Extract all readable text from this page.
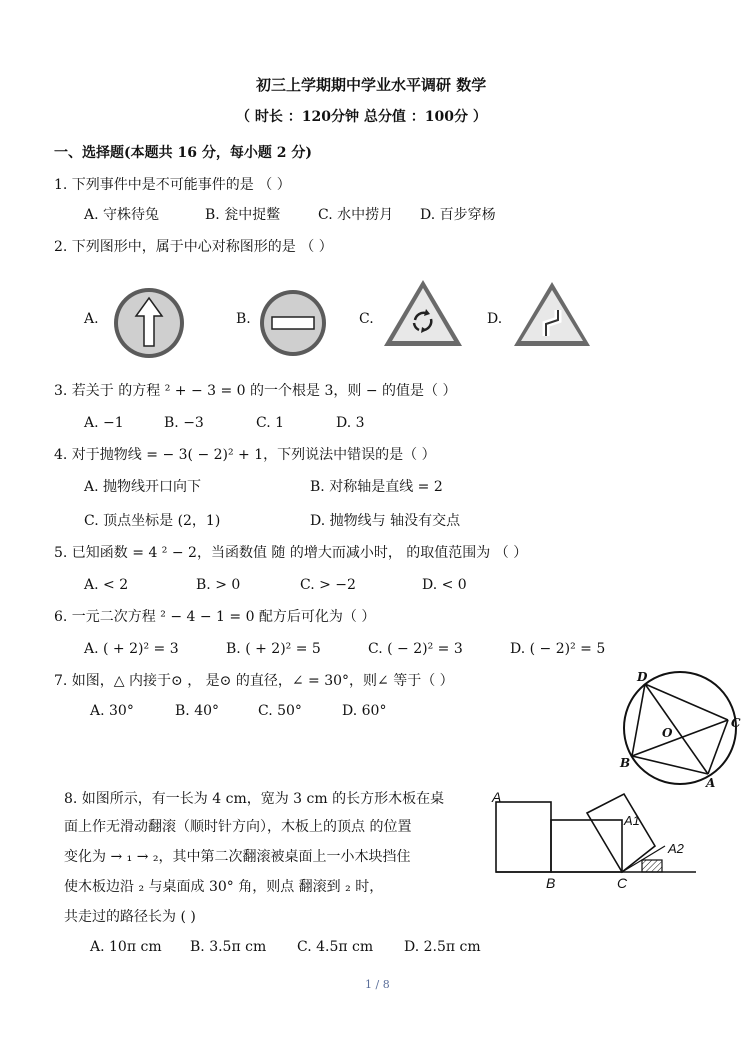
初三上学期期中学业水平调研 数学
（ 时长 ：120分钟 总分值 ：100分 ）
一、选择题(本题共 16 分，每小题 2 分)
1. 下列事件中是不可能事件的是 （ ）
A. 守株待兔	B. 瓮中捉鳖	C. 水中捞月 D. 百步穿杨
2. 下列图形中，属于中心对称图形的是 （ ）
A.	B.	C.	D.
3. 若关于 的方程 ² + − 3 = 0 的一个根是 3，则 − 的值是（ ）
A. −1	B. −3	C. 1	D. 3
4. 对于抛物线 = − 3( − 2)² + 1，下列说法中错误的是（ ）
A. 抛物线开口向下	B. 对称轴是直线 = 2
C. 顶点坐标是 (2，1)	D. 抛物线与 轴没有交点
5. 已知函数 = 4 ² − 2，当函数值 随 的增大而减小时， 的取值范围为 （ ）
A. < 2	B. > 0	C. > −2	D. < 0
6. 一元二次方程 ² − 4 − 1 = 0 配方后可化为（ ）
A. ( + 2)² = 3	B. ( + 2)² = 5	C. ( − 2)² = 3	D. ( − 2)² = 5
7. 如图，△ 内接于⊙ ， 是⊙ 的直径，∠ = 30°，则∠ 等于（ ）
A. 30°	B. 40°	C. 50°	D. 60°
D
C
O
B
A
8. 如图所示，有一长为 4 cm，宽为 3 cm 的长方形木板在桌
面上作无滑动翻滚（顺时针方向），木板上的顶点 的位置
变化为 → ₁ → ₂，其中第二次翻滚被桌面上一小木块挡住
使木板边沿 ₂ 与桌面成 30° 角，则点 翻滚到 ₂ 时，
共走过的路径长为 ( )
A. 10π cm B. 3.5π cm C. 4.5π cm D. 2.5π cm
A
A1
A2
B	C
1 / 8
